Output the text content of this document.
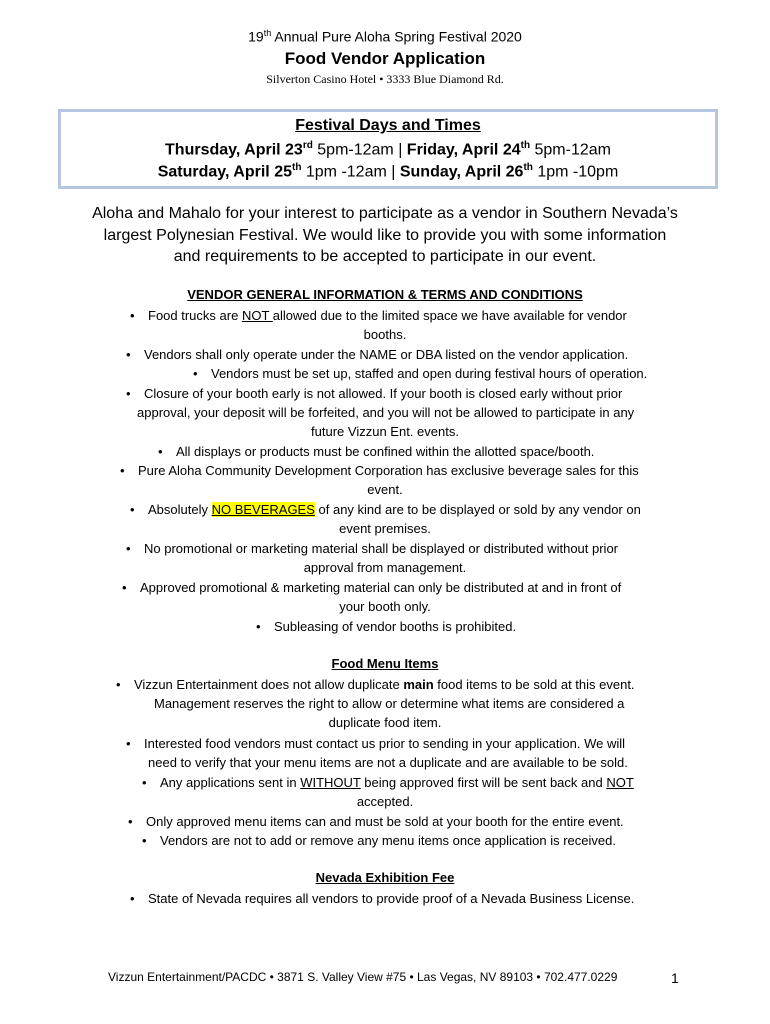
19th Annual Pure Aloha Spring Festival 2020
Food Vendor Application
Silverton Casino Hotel • 3333 Blue Diamond Rd.
Festival Days and Times
Thursday, April 23rd 5pm-12am | Friday, April 24th 5pm-12am
Saturday, April 25th 1pm -12am | Sunday, April 26th 1pm -10pm
Aloha and Mahalo for your interest to participate as a vendor in Southern Nevada’s largest Polynesian Festival. We would like to provide you with some information and requirements to be accepted to participate in our event.
VENDOR GENERAL INFORMATION & TERMS AND CONDITIONS
• Food trucks are NOT allowed due to the limited space we have available for vendor
booths.
• Vendors shall only operate under the NAME or DBA listed on the vendor application.
• Vendors must be set up, staffed and open during festival hours of operation.
• Closure of your booth early is not allowed. If your booth is closed early without prior
approval, your deposit will be forfeited, and you will not be allowed to participate in any
future Vizzun Ent. events.
• All displays or products must be confined within the allotted space/booth.
• Pure Aloha Community Development Corporation has exclusive beverage sales for this
event.
• Absolutely NO BEVERAGES of any kind are to be displayed or sold by any vendor on
event premises.
• No promotional or marketing material shall be displayed or distributed without prior
approval from management.
• Approved promotional & marketing material can only be distributed at and in front of
your booth only.
• Subleasing of vendor booths is prohibited.
Food Menu Items
• Vizzun Entertainment does not allow duplicate main food items to be sold at this event.
Management reserves the right to allow or determine what items are considered a
duplicate food item.
• Interested food vendors must contact us prior to sending in your application. We will
need to verify that your menu items are not a duplicate and are available to be sold.
• Any applications sent in WITHOUT being approved first will be sent back and NOT
accepted.
• Only approved menu items can and must be sold at your booth for the entire event.
• Vendors are not to add or remove any menu items once application is received.
Nevada Exhibition Fee
• State of Nevada requires all vendors to provide proof of a Nevada Business License.
Vizzun Entertainment/PACDC • 3871 S. Valley View #75 • Las Vegas, NV 89103 • 702.477.0229	1
